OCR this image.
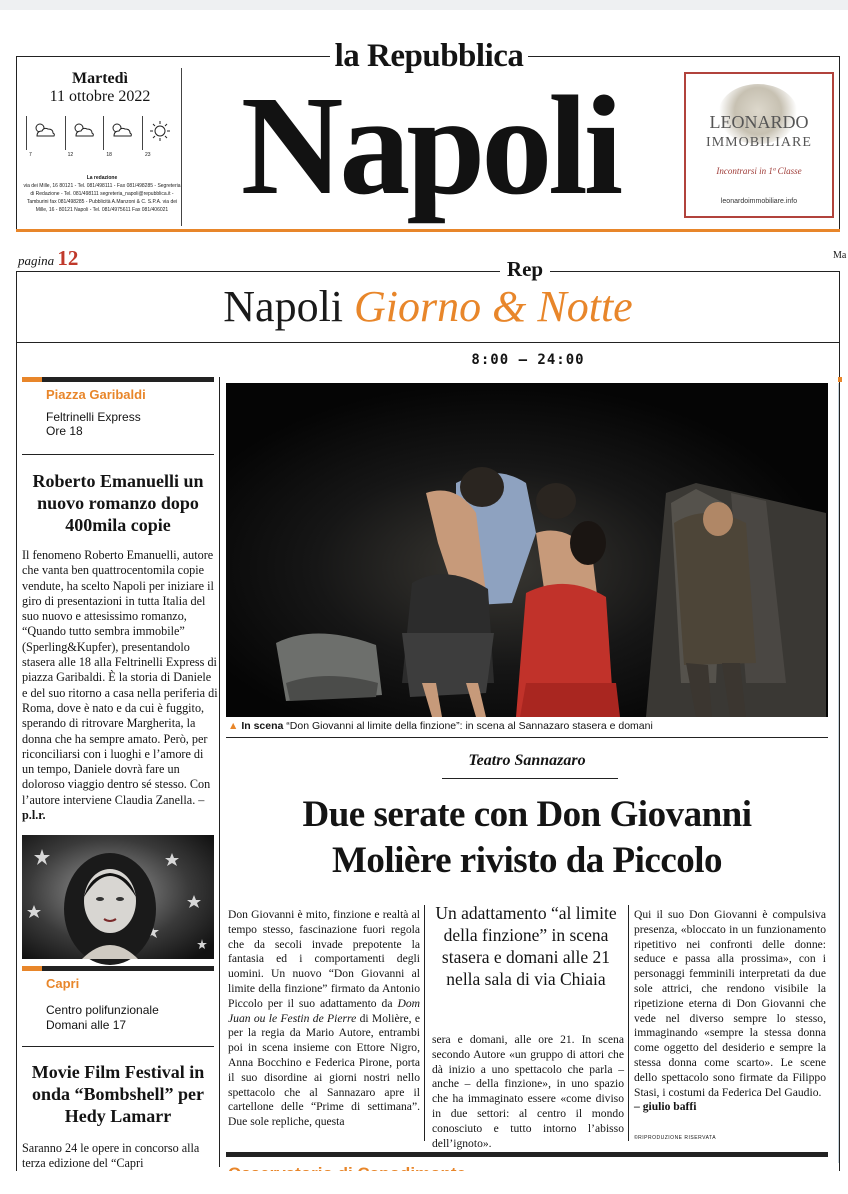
la Repubblica
Napoli
Martedì
11 ottobre 2022
7	12	18	23
La redazione
via dei Mille, 16 80121 - Tel. 081/498111 - Fax 081/498285 - Segreteria di Redazione - Tel. 081/498111 segreteria_napoli@repubblica.it - Tamburini fax 081/498285 - Pubblicità A.Manzoni & C. S.P.A. via dei Mille, 16 - 80121 Napoli - Tel. 081/4975611 Fax 081/406021
LEONARDO
IMMOBILIARE
Incontrarsi in 1ª Classe
leonardoimmobiliare.info
pagina 12	Ma
Rep
Napoli Giorno & Notte
8:00 – 24:00
Piazza Garibaldi
Feltrinelli Express
Ore 18
Roberto Emanuelli un nuovo romanzo dopo 400mila copie
Il fenomeno Roberto Emanuelli, autore che vanta ben quattrocentomila copie vendute, ha scelto Napoli per iniziare il giro di presentazioni in tutta Italia del suo nuovo e attesissimo romanzo, “Quando tutto sembra immobile” (Sperling&Kupfer), presentandolo stasera alle 18 alla Feltrinelli Express di piazza Garibaldi. È la storia di Daniele e del suo ritorno a casa nella periferia di Roma, dove è nato e da cui è fuggito, sperando di ritrovare Margherita, la donna che ha sempre amato. Però, per riconciliarsi con i luoghi e l’amore di un tempo, Daniele dovrà fare un doloroso viaggio dentro sé stesso. Con l’autore interviene Claudia Zanella. – p.l.r.
Capri
Centro polifunzionale
Domani alle 17
Movie Film Festival in onda “Bombshell” per Hedy Lamarr
Saranno 24 le opere in concorso alla terza edizione del “Capri
▲ In scena “Don Giovanni al limite della finzione”: in scena al Sannazaro stasera e domani
Teatro Sannazaro
Due serate con Don Giovanni
Molière rivisto da Piccolo
Don Giovanni è mito, finzione e realtà al tempo stesso, fascinazione fuori regola che da secoli invade prepotente la fantasia ed i comportamenti degli uomini. Un nuovo “Don Giovanni al limite della finzione” firmato da Antonio Piccolo per il suo adattamento da Dom Juan ou le Festin de Pierre di Molière, e per la regia da Mario Autore, entrambi poi in scena insieme con Ettore Nigro, Anna Bocchino e Federica Pirone, porta il suo disordine ai giorni nostri nello spettacolo che al Sannazaro apre il cartellone delle “Prime di settimana”. Due sole repliche, questa
Un adattamento “al limite della finzione” in scena stasera e domani alle 21 nella sala di via Chiaia
sera e domani, alle ore 21. In scena secondo Autore «un gruppo di attori che dà inizio a uno spettacolo che parla – anche – della finzione», in uno spazio che ha immaginato essere «come diviso in due settori: al centro il mondo conosciuto e tutto intorno l’abisso dell’ignoto».
Qui il suo Don Giovanni è compulsiva presenza, «bloccato in un funzionamento ripetitivo nei confronti delle donne: seduce e passa alla prossima», con i personaggi femminili interpretati da due sole attrici, che rendono visibile la ripetizione eterna di Don Giovanni che vede nel diverso sempre lo stesso, immaginando «sempre la stessa donna come oggetto del desiderio e sempre la stessa donna come scarto». Le scene dello spettacolo sono firmate da Filippo Stasi, i costumi da Federica Del Gaudio.
– giulio baffi
©RIPRODUZIONE RISERVATA
